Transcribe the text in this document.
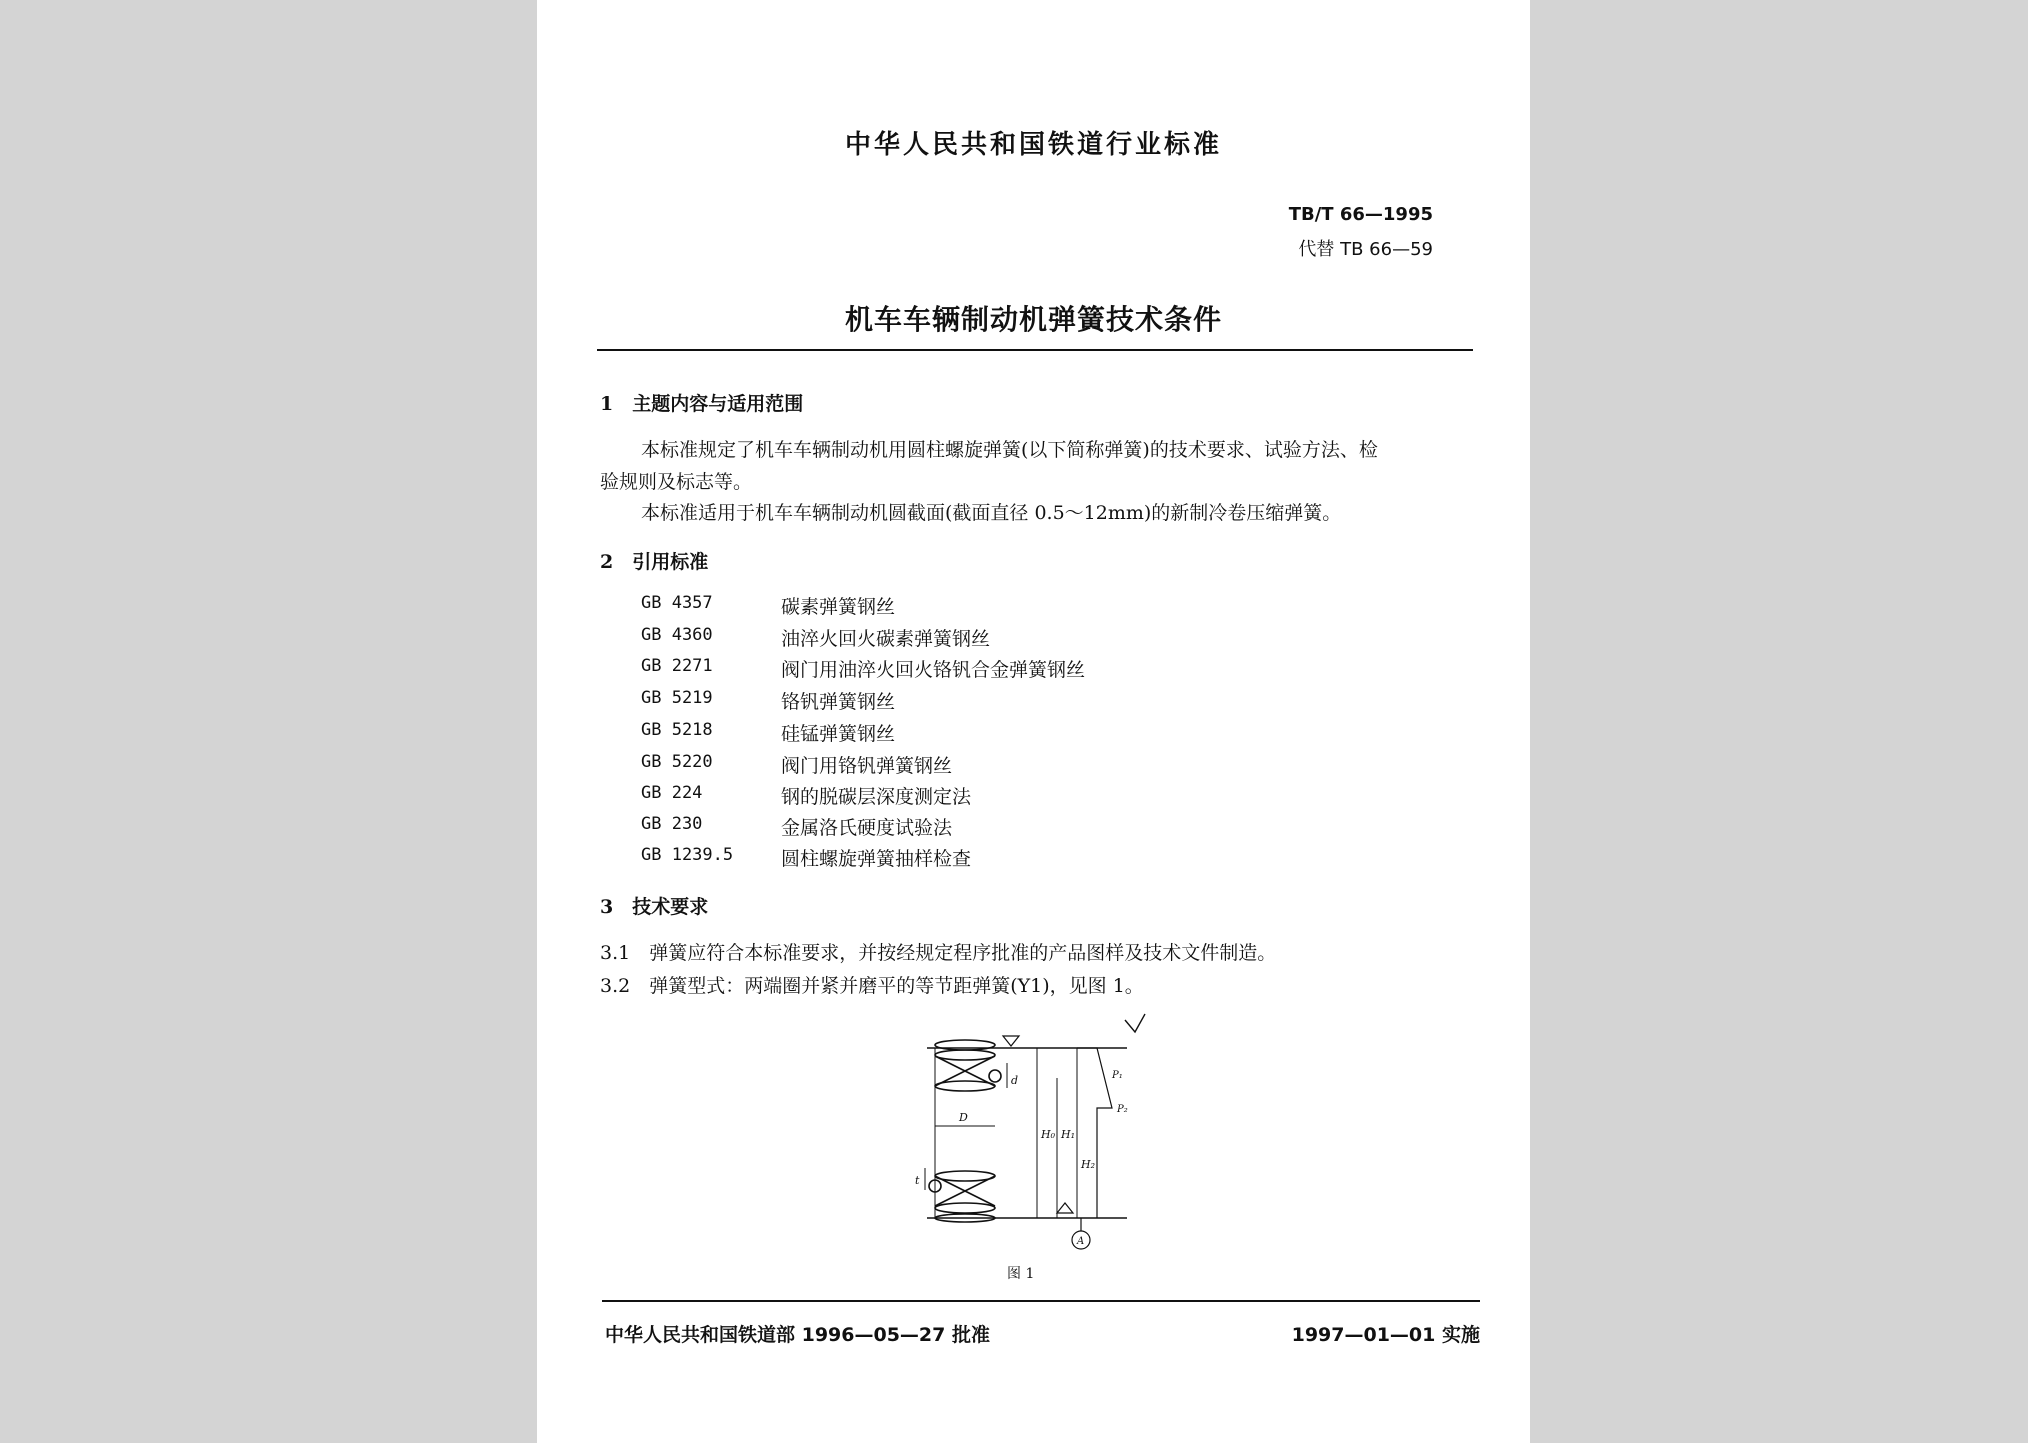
中华人民共和国铁道行业标准
TB/T 66—1995
代替 TB 66—59
机车车辆制动机弹簧技术条件
1　主题内容与适用范围
本标准规定了机车车辆制动机用圆柱螺旋弹簧(以下简称弹簧)的技术要求、试验方法、检
验规则及标志等。
本标准适用于机车车辆制动机圆截面(截面直径 0.5～12mm)的新制冷卷压缩弹簧。
2　引用标准
GB 4357	碳素弹簧钢丝
GB 4360	油淬火回火碳素弹簧钢丝
GB 2271	阀门用油淬火回火铬钒合金弹簧钢丝
GB 5219	铬钒弹簧钢丝
GB 5218	硅锰弹簧钢丝
GB 5220	阀门用铬钒弹簧钢丝
GB 224	钢的脱碳层深度测定法
GB 230	金属洛氏硬度试验法
GB 1239.5	圆柱螺旋弹簧抽样检查
3　技术要求
3.1　弹簧应符合本标准要求，并按经规定程序批准的产品图样及技术文件制造。
3.2　弹簧型式：两端圈并紧并磨平的等节距弹簧(Y1)，见图 1。
D
d
t
H₀ H₁
H₂
P₁
P₂
A
图 1
中华人民共和国铁道部 1996—05—27 批准	1997—01—01 实施
